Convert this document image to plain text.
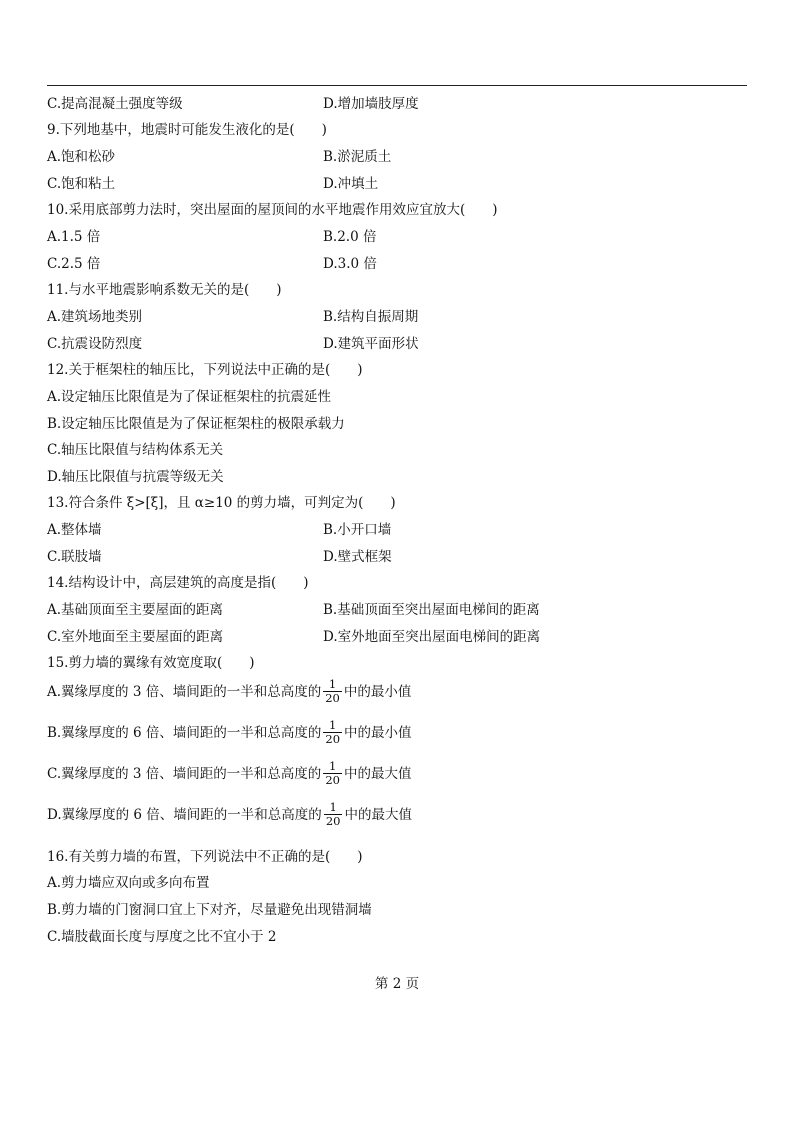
C.提高混凝土强度等级	D.增加墙肢厚度
9.下列地基中，地震时可能发生液化的是(　　)
A.饱和松砂	B.淤泥质土
C.饱和粘土	D.冲填土
10.采用底部剪力法时，突出屋面的屋顶间的水平地震作用效应宜放大(　　)
A.1.5 倍	B.2.0 倍
C.2.5 倍	D.3.0 倍
11.与水平地震影响系数无关的是(　　)
A.建筑场地类别	B.结构自振周期
C.抗震设防烈度	D.建筑平面形状
12.关于框架柱的轴压比，下列说法中正确的是(　　)
A.设定轴压比限值是为了保证框架柱的抗震延性
B.设定轴压比限值是为了保证框架柱的极限承载力
C.轴压比限值与结构体系无关
D.轴压比限值与抗震等级无关
13.符合条件 ξ>[ξ]，且 α≥10 的剪力墙，可判定为(　　)
A.整体墙	B.小开口墙
C.联肢墙	D.壁式框架
14.结构设计中，高层建筑的高度是指(　　)
A.基础顶面至主要屋面的距离	B.基础顶面至突出屋面电梯间的距离
C.室外地面至主要屋面的距离	D.室外地面至突出屋面电梯间的距离
15.剪力墙的翼缘有效宽度取(　　)
A.翼缘厚度的 3 倍、墙间距的一半和总高度的 $\frac{1}{20}$ 中的最小值
B.翼缘厚度的 6 倍、墙间距的一半和总高度的 $\frac{1}{20}$ 中的最小值
C.翼缘厚度的 3 倍、墙间距的一半和总高度的 $\frac{1}{20}$ 中的最大值
D.翼缘厚度的 6 倍、墙间距的一半和总高度的 $\frac{1}{20}$ 中的最大值
16.有关剪力墙的布置，下列说法中不正确的是(　　)
A.剪力墙应双向或多向布置
B.剪力墙的门窗洞口宜上下对齐，尽量避免出现错洞墙
C.墙肢截面长度与厚度之比不宜小于 2
第 2 页
